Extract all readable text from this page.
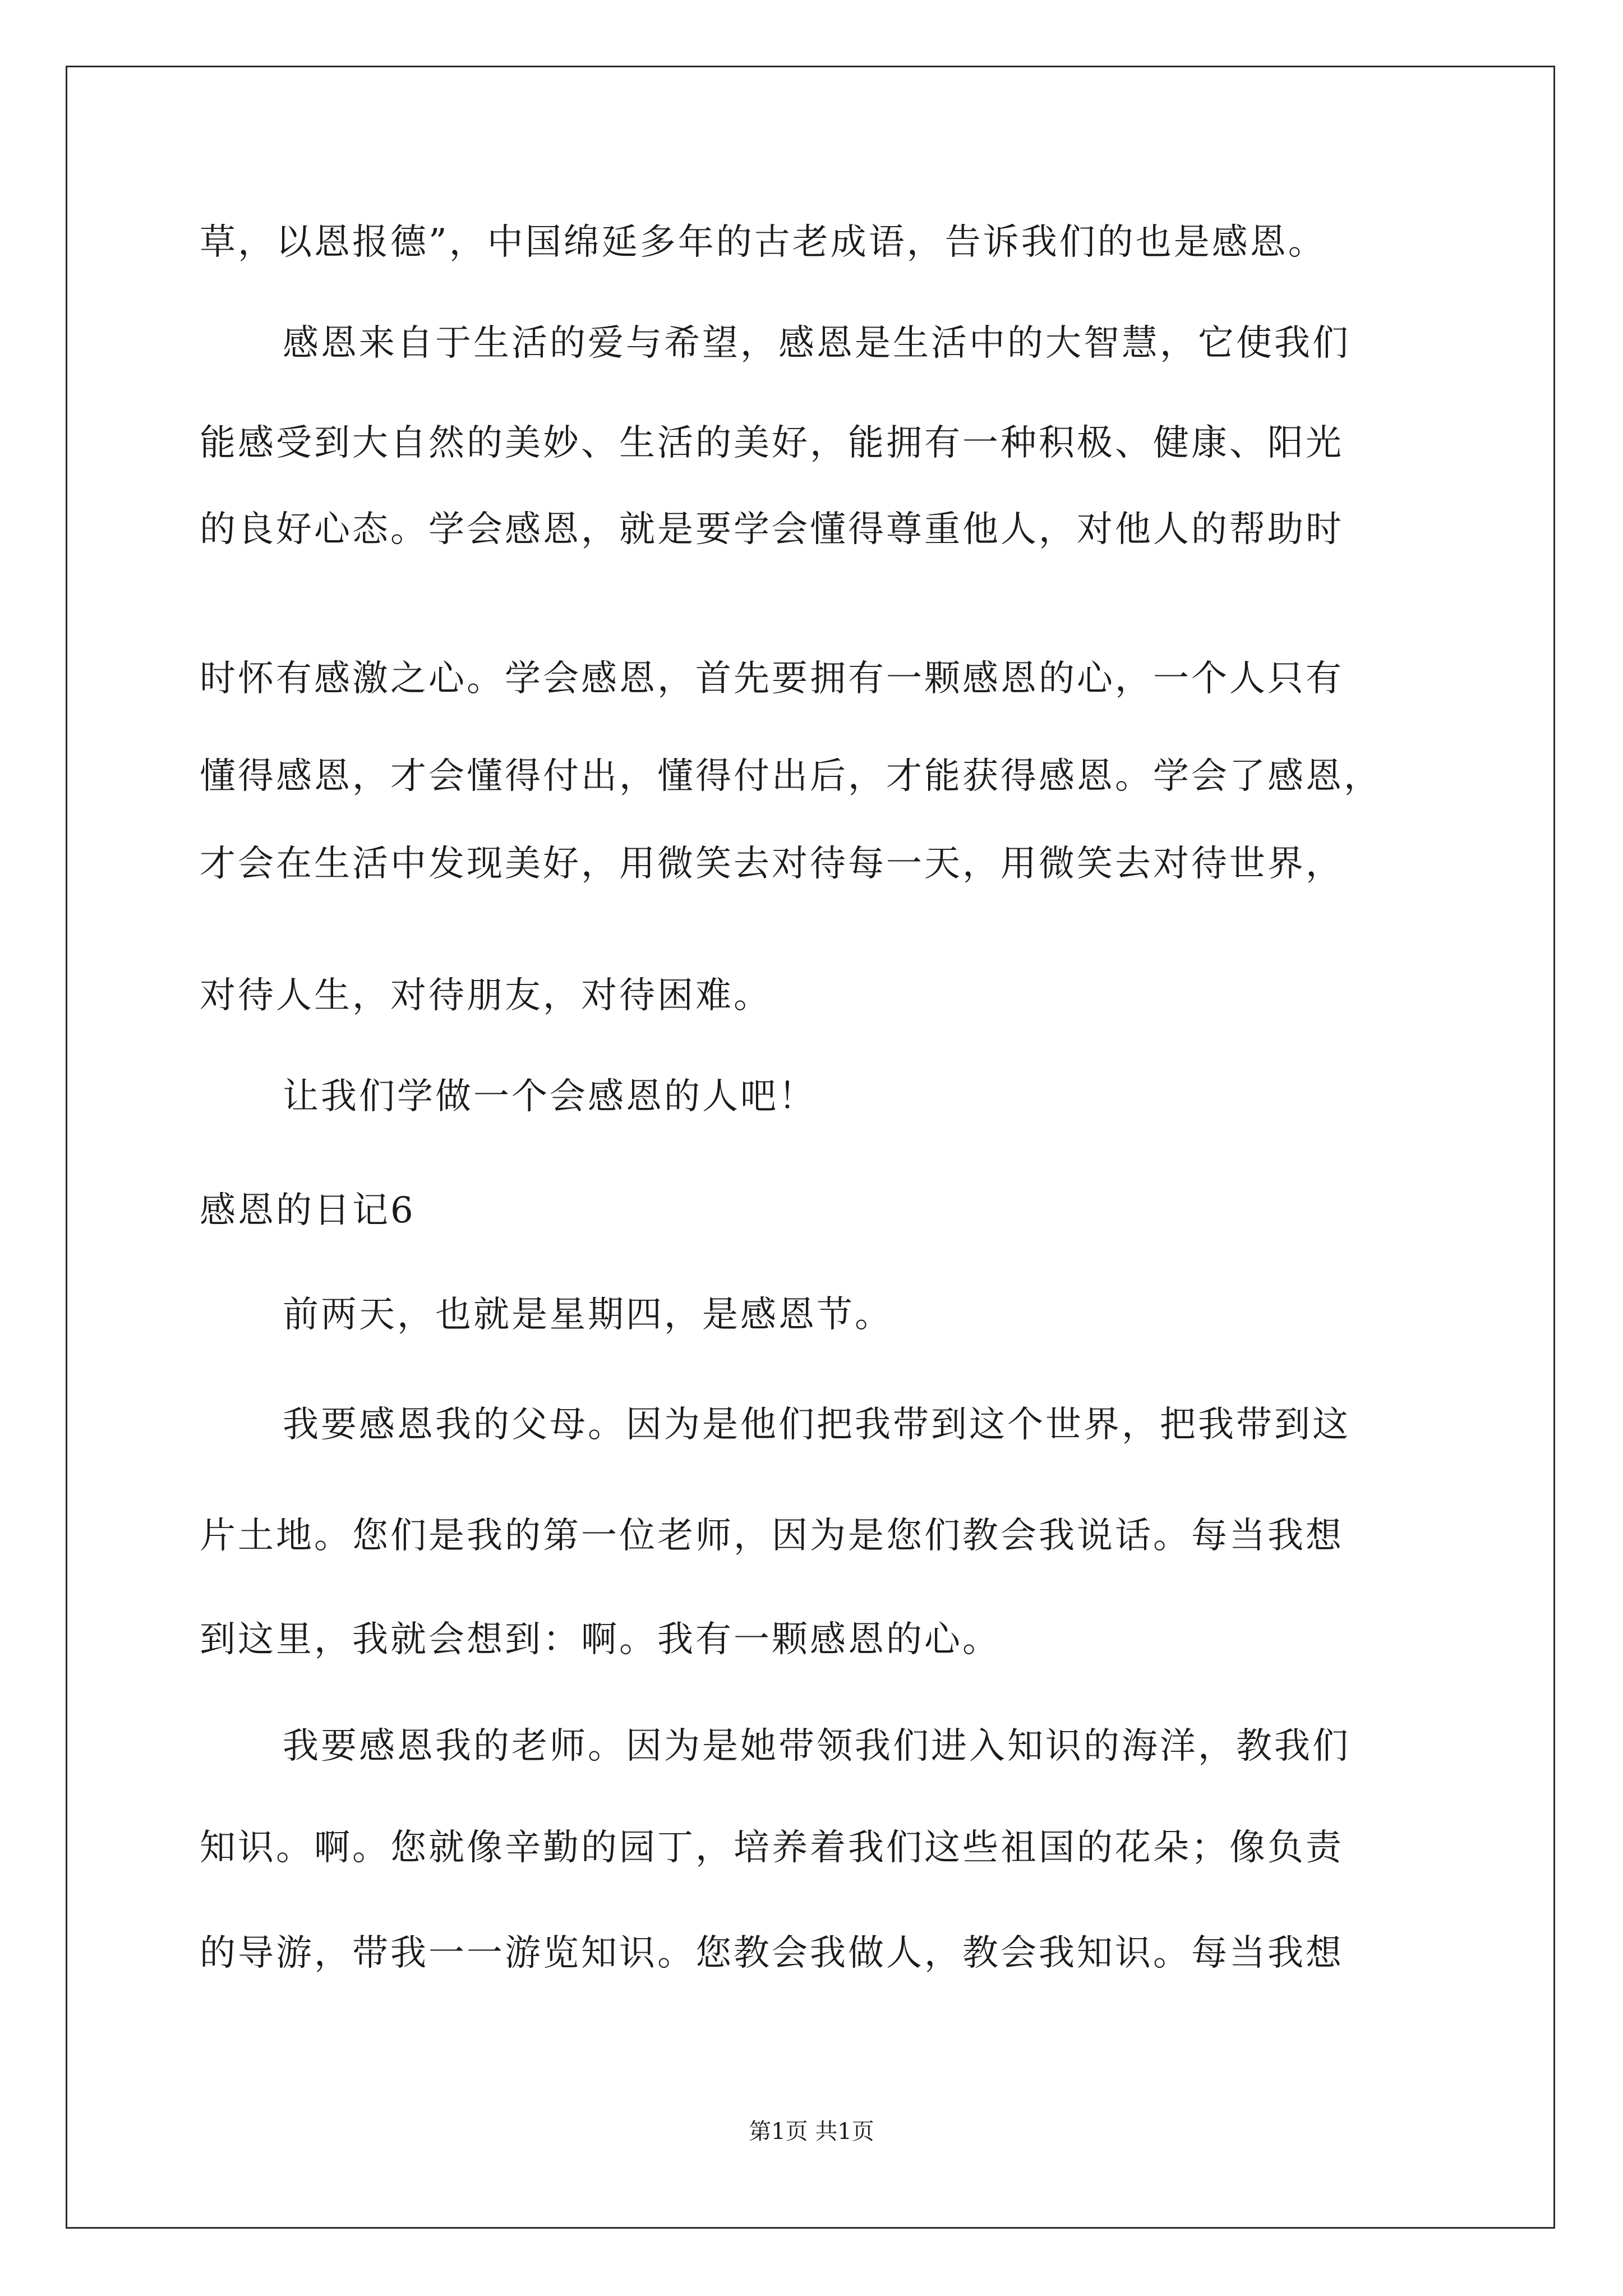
草，以恩报德”，中国绵延多年的古老成语，告诉我们的也是感恩。
感恩来自于生活的爱与希望，感恩是生活中的大智慧，它使我们
能感受到大自然的美妙、生活的美好，能拥有一种积极、健康、阳光
的良好心态。学会感恩，就是要学会懂得尊重他人，对他人的帮助时
时怀有感激之心。学会感恩，首先要拥有一颗感恩的心，一个人只有
懂得感恩，才会懂得付出，懂得付出后，才能获得感恩。学会了感恩，
才会在生活中发现美好，用微笑去对待每一天，用微笑去对待世界，
对待人生，对待朋友，对待困难。
让我们学做一个会感恩的人吧！
感恩的日记6
前两天，也就是星期四，是感恩节。
我要感恩我的父母。因为是他们把我带到这个世界，把我带到这
片土地。您们是我的第一位老师，因为是您们教会我说话。每当我想
到这里，我就会想到：啊。我有一颗感恩的心。
我要感恩我的老师。因为是她带领我们进入知识的海洋，教我们
知识。啊。您就像辛勤的园丁，培养着我们这些祖国的花朵；像负责
的导游，带我一一游览知识。您教会我做人，教会我知识。每当我想
第1页 共1页
